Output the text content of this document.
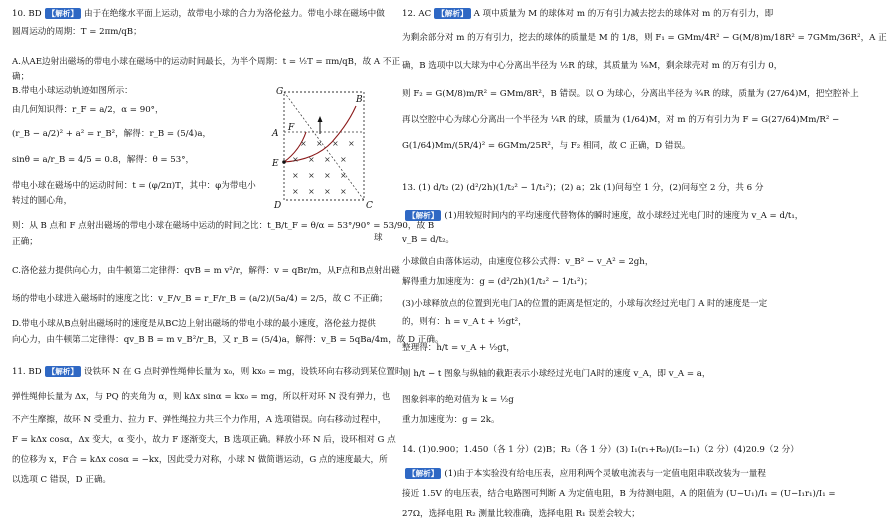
10. BD 【解析】 由于在绝缘水平面上运动，故带电小球的合力为洛伦兹力。带电小球在磁场中做
圆周运动的周期：T = 2πm/qB；
A.从AE边射出磁场的带电小球在磁场中的运动时间最长，为半个周期：t = ½T = πm/qB，故 A 不正
确；
B.带电小球运动轨迹如图所示：
由几何知识得：r_F = a/2，α = 90°，
(r_B − a/2)² + a² = r_B²，解得：r_B = (5/4)a，
sinθ = a/r_B = 4/5 = 0.8，解得：θ = 53°，
带电小球在磁场中的运动时间：t = (φ/2π)T，其中：φ为带电小
转过的圆心角，
球
则：从 B 点和 F 点射出磁场的带电小球在磁场中运动的时间之比：t_B/t_F = θ/α = 53°/90° = 53/90，故 B
正确；
C.洛伦兹力提供向心力，由牛顿第二定律得：qvB = m v²/r，解得：v = qBr/m，从F点和B点射出磁
场的带电小球进入磁场时的速度之比：v_F/v_B = r_F/r_B = (a/2)/(5a/4) = 2/5，故 C 不正确；
D.带电小球从B点射出磁场时的速度是从BC边上射出磁场的带电小球的最小速度，洛伦兹力提供
向心力，由牛顿第二定律得：qv_B B = m v_B²/r_B，又 r_B = (5/4)a，解得：v_B = 5qBa/4m，故 D 正确。
× × × ×
× × × ×
× × × ×
× × × ×
G
A
E
D	C
F
B
11. BD 【解析】 设铁环 N 在 G 点时弹性绳伸长量为 x₀，则 kx₀ = mg，设铁环向右移动到某位置时
弹性绳伸长量为 Δx，与 PQ 的夹角为 α，则 kΔx sinα = kx₀ = mg，所以杆对环 N 没有弹力，也
不产生摩擦，故环 N 受重力、拉力 F、弹性绳拉力共三个力作用，A 选项错误。向右移动过程中，
F = kΔx cosα，Δx 变大，α 变小，故力 F 逐渐变大，B 选项正确。释放小环 N 后，设环相对 G 点
的位移为 x，F合 = kΔx cosα = −kx，因此受力对称，小球 N 做简谐运动，G 点的速度最大，所
以选项 C 错误，D 正确。
12. AC 【解析】 A 项中质量为 M 的球体对 m 的万有引力减去挖去的球体对 m 的万有引力，即
为剩余部分对 m 的万有引力，挖去的球体的质量是 M 的 1/8，则 F₁ = GMm/4R² − G(M/8)m/18R² = 7GMm/36R²，A 正
确，B 选项中以大球为中心分离出半径为 ½R 的球，其质量为 ⅛M，剩余球壳对 m 的万有引力 0，
则 F₂ = G(M/8)m/R² = GMm/8R²，B 错误。以 O 为球心，分离出半径为 ¾R 的球，质量为 (27/64)M，把空腔补上
再以空腔中心为球心分离出一个半径为 ¼R 的球，质量为 (1/64)M，对 m 的万有引力为 F = G(27/64)Mm/R² −
G(1/64)Mm/(5R/4)² = 6GMm/25R²，与 F₂ 相同，故 C 正确，D 错误。
13. (1) d/t₂ (2) (d²/2h)(1/t₂² − 1/t₁²)；(2) a；2k (1)问每空 1 分，(2)问每空 2 分，共 6 分
【解析】 (1)用较短时间内的平均速度代替物体的瞬时速度，故小球经过光电门时的速度为 v_A = d/t₁，
v_B = d/t₂。
小球做自由落体运动，由速度位移公式得：v_B² − v_A² = 2gh，
解得重力加速度为：g = (d²/2h)(1/t₂² − 1/t₁²)；
(3)小球释放点的位置到光电门A的位置的距离是恒定的，小球每次经过光电门 A 时的速度是一定
的，则有：h = v_A t + ½gt²，
整理得：h/t = v_A + ½gt，
则 h/t − t 图象与纵轴的截距表示小球经过光电门A时的速度 v_A，即 v_A = a，
图象斜率的绝对值为 k = ½g
重力加速度为：g = 2k。
14. (1)0.900；1.450（各 1 分）(2)B；R₂（各 1 分）(3) I₁(r₁+R₀)/(I₂−I₁)（2 分）(4)20.9（2 分）
【解析】 (1)由于本实验没有给电压表，应用利两个灵敏电流表与一定值电阻串联改装为一量程
接近 1.5V 的电压表，结合电路图可判断 A 为定值电阻，B 为待测电阻，A 的阻值为 (U−U₁)/I₁ = (U−I₁r₁)/I₁ =
27Ω，选择电阻 R₂ 测量比较准确，选择电阻 R₁ 误差会较大；
